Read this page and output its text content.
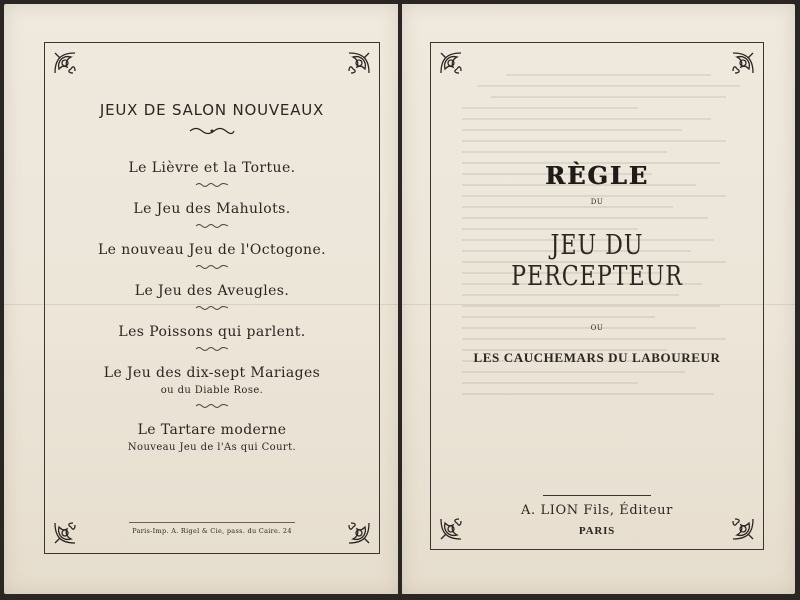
JEUX DE SALON NOUVEAUX
Le Lièvre et la Tortue.
Le Jeu des Mahulots.
Le nouveau Jeu de l'Octogone.
Le Jeu des Aveugles.
Les Poissons qui parlent.
Le Jeu des dix-sept Mariages
ou du Diable Rose.
Le Tartare moderne
Nouveau Jeu de l'As qui Court.
Paris-Imp. A. Rigel & Cie, pass. du Caire. 24
RÈGLE
DU
JEU DU PERCEPTEUR
OU
LES CAUCHEMARS DU LABOUREUR
A. LION Fils, Éditeur
PARIS
